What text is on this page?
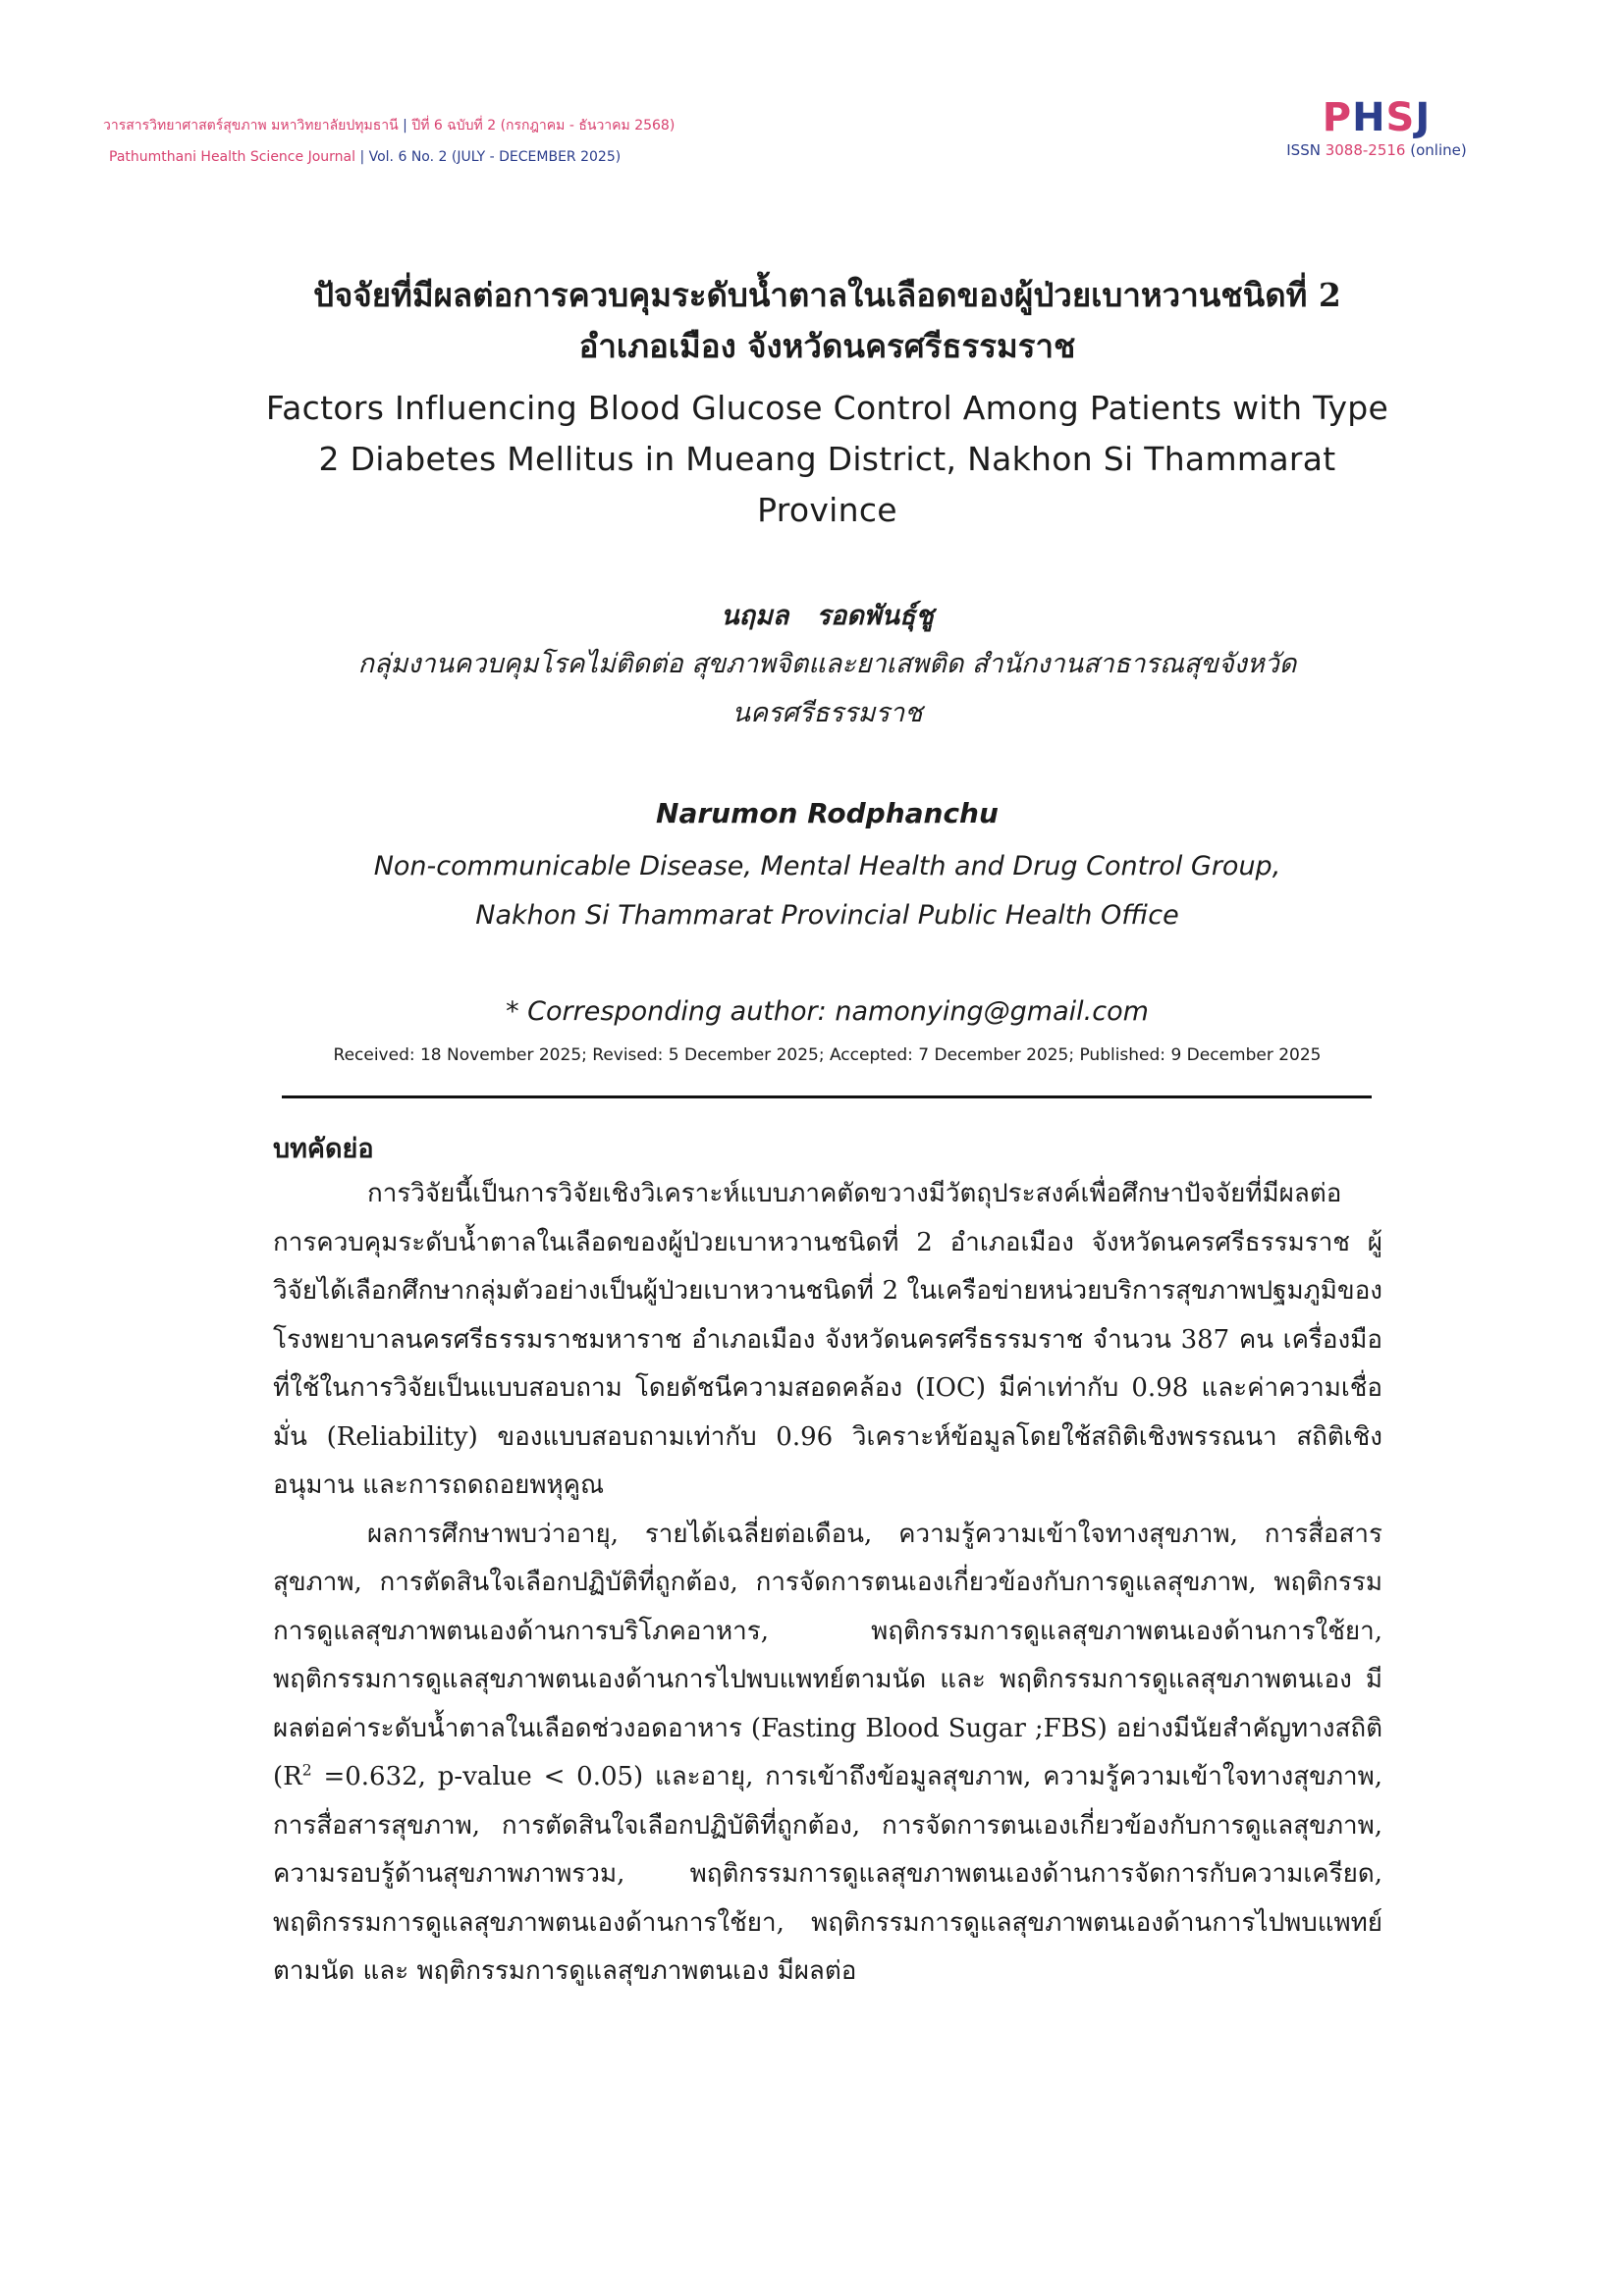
วารสารวิทยาศาสตร์สุขภาพ มหาวิทยาลัยปทุมธานี | ปีที่ 6 ฉบับที่ 2 (กรกฎาคม - ธันวาคม 2568)
Pathumthani Health Science Journal | Vol. 6 No. 2 (JULY - DECEMBER 2025)
PHSJ
ISSN 3088-2516 (online)
ปัจจัยที่มีผลต่อการควบคุมระดับน้ำตาลในเลือดของผู้ป่วยเบาหวานชนิดที่ 2
อำเภอเมือง จังหวัดนครศรีธรรมราช
Factors Influencing Blood Glucose Control Among Patients with Type
2 Diabetes Mellitus in Mueang District, Nakhon Si Thammarat
Province
นฤมล   รอดพันธุ์ชู
กลุ่มงานควบคุมโรคไม่ติดต่อ สุขภาพจิตและยาเสพติด สำนักงานสาธารณสุขจังหวัด
นครศรีธรรมราช
Narumon Rodphanchu
Non-communicable Disease, Mental Health and Drug Control Group,
Nakhon Si Thammarat Provincial Public Health Office
* Corresponding author: namonying@gmail.com
Received: 18 November 2025; Revised: 5 December 2025; Accepted: 7 December 2025; Published: 9 December 2025
บทคัดย่อ

การวิจัยนี้เป็นการวิจัยเชิงวิเคราะห์แบบภาคตัดขวางมีวัตถุประสงค์เพื่อศึกษาปัจจัยที่มีผลต่อการควบคุมระดับน้ำตาลในเลือดของผู้ป่วยเบาหวานชนิดที่ 2 อำเภอเมือง จังหวัดนครศรีธรรมราช ผู้วิจัยได้เลือกศึกษากลุ่มตัวอย่างเป็นผู้ป่วยเบาหวานชนิดที่ 2 ในเครือข่ายหน่วยบริการสุขภาพปฐมภูมิของโรงพยาบาลนครศรีธรรมราชมหาราช อำเภอเมือง จังหวัดนครศรีธรรมราช จำนวน 387 คน เครื่องมือที่ใช้ในการวิจัยเป็นแบบสอบถาม โดยดัชนีความสอดคล้อง (IOC) มีค่าเท่ากับ 0.98 และค่าความเชื่อมั่น (Reliability) ของแบบสอบถามเท่ากับ 0.96 วิเคราะห์ข้อมูลโดยใช้สถิติเชิงพรรณนา สถิติเชิงอนุมาน และการถดถอยพหุคูณ

ผลการศึกษาพบว่าอายุ, รายได้เฉลี่ยต่อเดือน, ความรู้ความเข้าใจทางสุขภาพ, การสื่อสารสุขภาพ, การตัดสินใจเลือกปฏิบัติที่ถูกต้อง, การจัดการตนเองเกี่ยวข้องกับการดูแลสุขภาพ, พฤติกรรมการดูแลสุขภาพตนเองด้านการบริโภคอาหาร, พฤติกรรมการดูแลสุขภาพตนเองด้านการใช้ยา, พฤติกรรมการดูแลสุขภาพตนเองด้านการไปพบแพทย์ตามนัด และ พฤติกรรมการดูแลสุขภาพตนเอง มีผลต่อค่าระดับน้ำตาลในเลือดช่วงอดอาหาร (Fasting Blood Sugar ;FBS) อย่างมีนัยสำคัญทางสถิติ ($R^2 =0.632$, p-value < 0.05) และอายุ, การเข้าถึงข้อมูลสุขภาพ, ความรู้ความเข้าใจทางสุขภาพ, การสื่อสารสุขภาพ, การตัดสินใจเลือกปฏิบัติที่ถูกต้อง, การจัดการตนเองเกี่ยวข้องกับการดูแลสุขภาพ, ความรอบรู้ด้านสุขภาพภาพรวม, พฤติกรรมการดูแลสุขภาพตนเองด้านการจัดการกับความเครียด, พฤติกรรมการดูแลสุขภาพตนเองด้านการใช้ยา, พฤติกรรมการดูแลสุขภาพตนเองด้านการไปพบแพทย์ตามนัด และ พฤติกรรมการดูแลสุขภาพตนเอง มีผลต่อ
